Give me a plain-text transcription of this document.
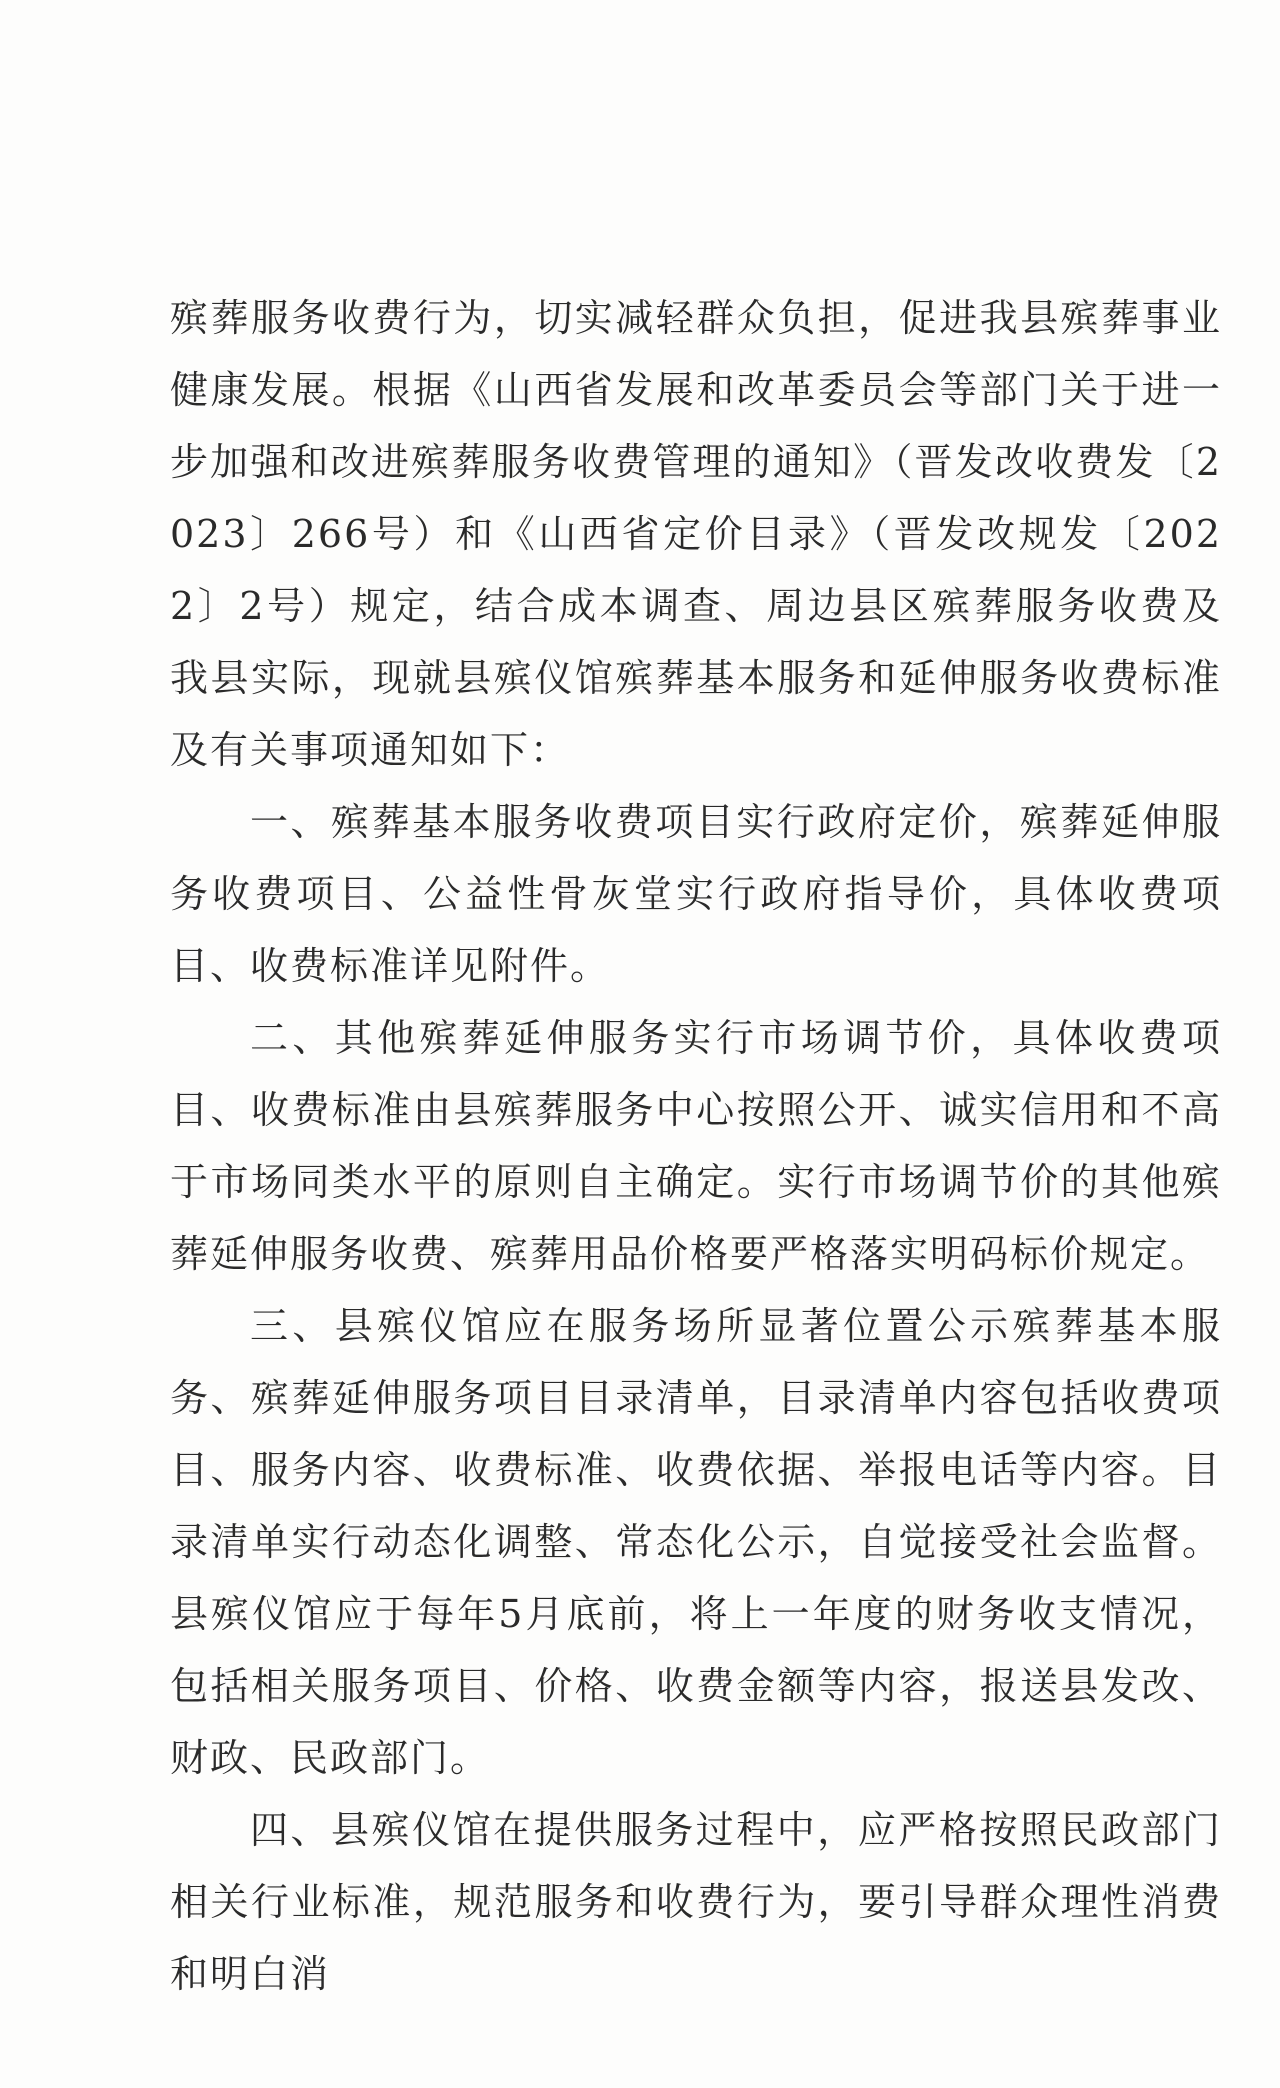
殡葬服务收费行为，切实减轻群众负担，促进我县殡葬事业健康发展。根据《山西省发展和改革委员会等部门关于进一步加强和改进殡葬服务收费管理的通知》（晋发改收费发〔2023〕266号）和《山西省定价目录》（晋发改规发〔2022〕2号）规定，结合成本调查、周边县区殡葬服务收费及我县实际，现就县殡仪馆殡葬基本服务和延伸服务收费标准及有关事项通知如下：

一、殡葬基本服务收费项目实行政府定价，殡葬延伸服务收费项目、公益性骨灰堂实行政府指导价，具体收费项目、收费标准详见附件。

二、其他殡葬延伸服务实行市场调节价，具体收费项目、收费标准由县殡葬服务中心按照公开、诚实信用和不高于市场同类水平的原则自主确定。实行市场调节价的其他殡葬延伸服务收费、殡葬用品价格要严格落实明码标价规定。

三、县殡仪馆应在服务场所显著位置公示殡葬基本服务、殡葬延伸服务项目目录清单，目录清单内容包括收费项目、服务内容、收费标准、收费依据、举报电话等内容。目录清单实行动态化调整、常态化公示，自觉接受社会监督。县殡仪馆应于每年5月底前，将上一年度的财务收支情况，包括相关服务项目、价格、收费金额等内容，报送县发改、财政、民政部门。

四、县殡仪馆在提供服务过程中，应严格按照民政部门相关行业标准，规范服务和收费行为，要引导群众理性消费和明白消
